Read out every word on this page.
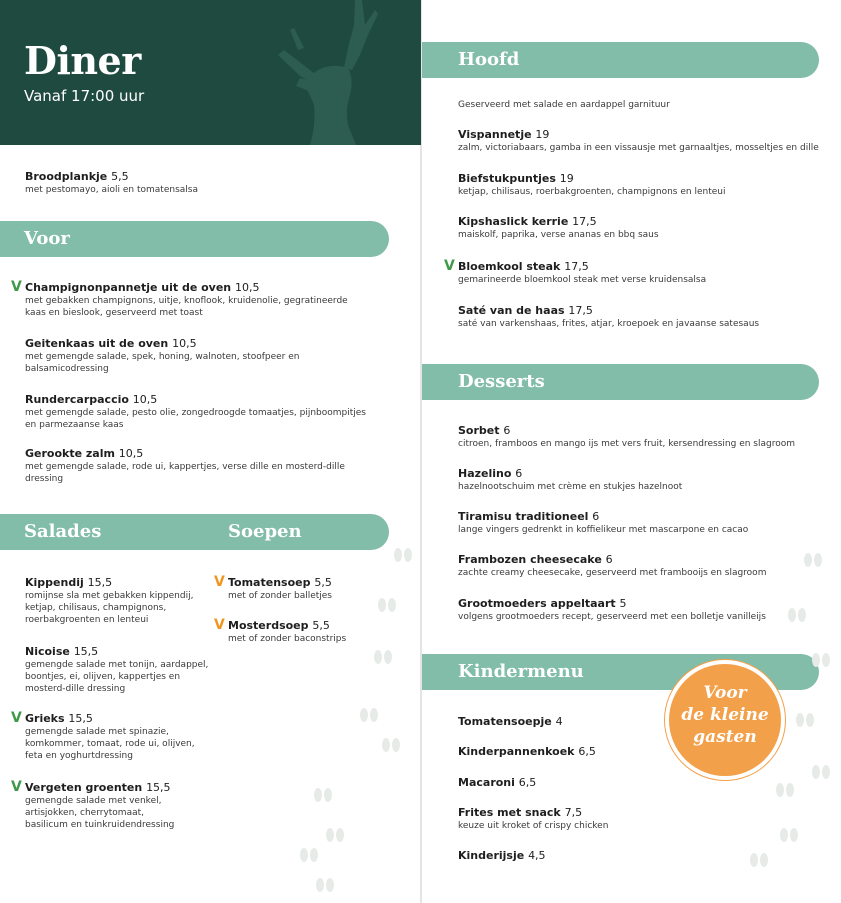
Diner
Vanaf 17:00 uur
Broodplankje 5,5
met pestomayo, aioli en tomatensalsa
Voor
V Champignonpannetje uit de oven 10,5
met gebakken champignons, uitje, knoflook, kruidenolie, gegratineerde
kaas en bieslook, geserveerd met toast
Geitenkaas uit de oven 10,5
met gemengde salade, spek, honing, walnoten, stoofpeer en
balsamicodressing
Rundercarpaccio 10,5
met gemengde salade, pesto olie, zongedroogde tomaatjes, pijnboompitjes
en parmezaanse kaas
Gerookte zalm 10,5
met gemengde salade, rode ui, kappertjes, verse dille en mosterd-dille
dressing
Salades	Soepen
Kippendij 15,5
romijnse sla met gebakken kippendij,
ketjap, chilisaus, champignons,
roerbakgroenten en lenteui
Nicoise 15,5
gemengde salade met tonijn, aardappel,
boontjes, ei, olijven, kappertjes en
mosterd-dille dressing
V Grieks 15,5
gemengde salade met spinazie,
komkommer, tomaat, rode ui, olijven,
feta en yoghurtdressing
V Vergeten groenten 15,5
gemengde salade met venkel,
artisjokken, cherrytomaat,
basilicum en tuinkruidendressing
V Tomatensoep 5,5
met of zonder balletjes
V Mosterdsoep 5,5
met of zonder baconstrips
Hoofd
Geserveerd met salade en aardappel garnituur
Vispannetje 19
zalm, victoriabaars, gamba in een vissausje met garnaaltjes, mosseltjes en dille
Biefstukpuntjes 19
ketjap, chilisaus, roerbakgroenten, champignons en lenteui
Kipshaslick kerrie 17,5
maiskolf, paprika, verse ananas en bbq saus
V Bloemkool steak 17,5
gemarineerde bloemkool steak met verse kruidensalsa
Saté van de haas 17,5
saté van varkenshaas, frites, atjar, kroepoek en javaanse satesaus
Desserts
Sorbet 6
citroen, framboos en mango ijs met vers fruit, kersendressing en slagroom
Hazelino 6
hazelnootschuim met crème en stukjes hazelnoot
Tiramisu traditioneel 6
lange vingers gedrenkt in koffielikeur met mascarpone en cacao
Frambozen cheesecake 6
zachte creamy cheesecake, geserveerd met frambooijs en slagroom
Grootmoeders appeltaart 5
volgens grootmoeders recept, geserveerd met een bolletje vanilleijs
Kindermenu
Tomatensoepje 4
Kinderpannenkoek 6,5
Macaroni 6,5
Frites met snack 7,5
keuze uit kroket of crispy chicken
Kinderijsje 4,5
Voor
de kleine
gasten
